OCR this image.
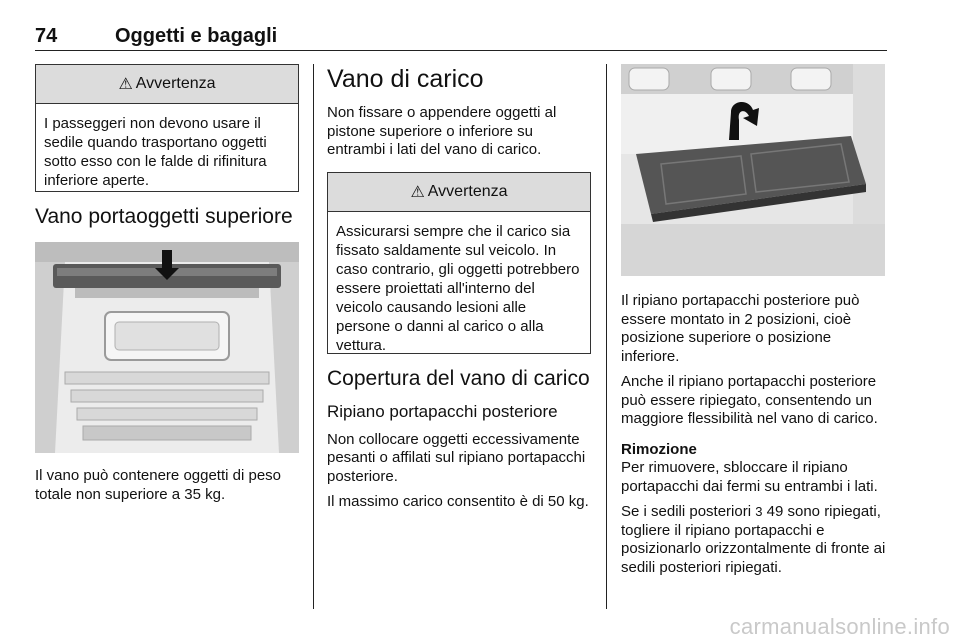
74	Oggetti e bagagli
⚠ Avvertenza
I passeggeri non devono usare il sedile quando trasportano oggetti sotto esso con le falde di rifinitura inferiore aperte.
Vano portaoggetti superiore

Il vano può contenere oggetti di peso totale non superiore a 35 kg.

Vano di carico

Non fissare o appendere oggetti al pistone superiore o inferiore su entrambi i lati del vano di carico.

⚠ Avvertenza
Assicurarsi sempre che il carico sia fissato saldamente sul veicolo. In caso contrario, gli oggetti potrebbero essere proiettati all'interno del veicolo causando lesioni alle persone o danni al carico o alla vettura.
Copertura del vano di carico
Ripiano portapacchi posteriore

Non collocare oggetti eccessivamente pesanti o affilati sul ripiano portapacchi posteriore.

Il massimo carico consentito è di 50 kg.

Il ripiano portapacchi posteriore può essere montato in 2 posizioni, cioè posizione superiore o posizione inferiore.

Anche il ripiano portapacchi posteriore può essere ripiegato, consentendo un maggiore flessibilità nel vano di carico.

Rimozione

Per rimuovere, sbloccare il ripiano portapacchi dai fermi su entrambi i lati.

Se i sedili posteriori 3 49 sono ripiegati, togliere il ripiano portapacchi e posizionarlo orizzontalmente di fronte ai sedili posteriori ripiegati.

carmanualsonline.info
